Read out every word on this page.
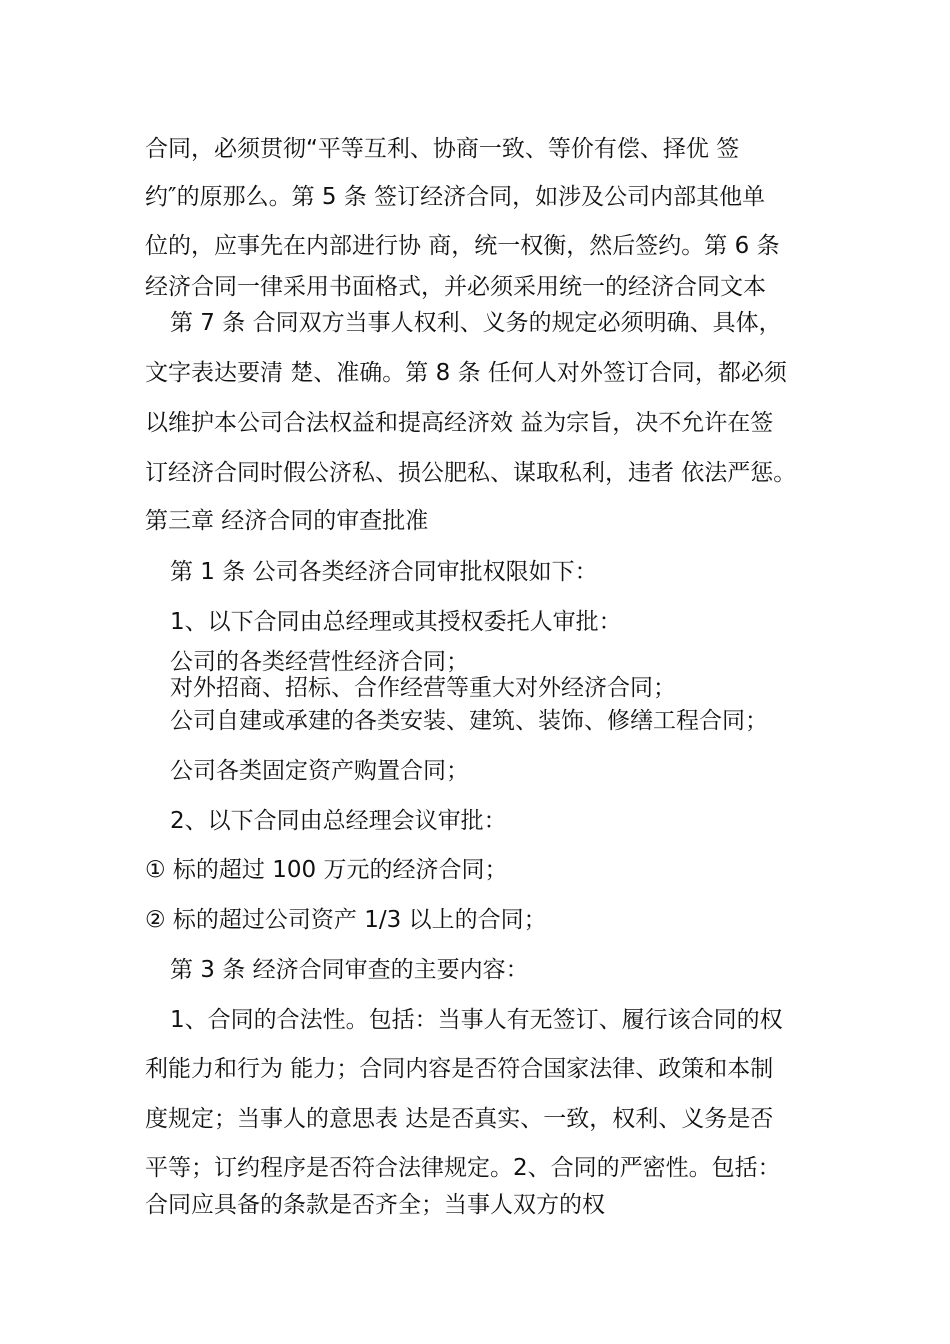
合同，必须贯彻“平等互利、协商一致、等价有偿、择优 签
约″的原那么。第 5 条 签订经济合同，如涉及公司内部其他单
位的，应事先在内部进行协 商，统一权衡，然后签约。第 6 条
经济合同一律采用书面格式，并必须采用统一的经济合同文本
第 7 条 合同双方当事人权利、义务的规定必须明确、具体，
文字表达要清 楚、准确。第 8 条 任何人对外签订合同，都必须
以维护本公司合法权益和提高经济效 益为宗旨，决不允许在签
订经济合同时假公济私、损公肥私、谋取私利，违者 依法严惩。
第三章 经济合同的审查批准
第 1 条 公司各类经济合同审批权限如下：
1、以下合同由总经理或其授权委托人审批：
公司的各类经营性经济合同；
对外招商、招标、合作经营等重大对外经济合同；
公司自建或承建的各类安装、建筑、装饰、修缮工程合同；
公司各类固定资产购置合同；
2、以下合同由总经理会议审批：
① 标的超过 100 万元的经济合同；
② 标的超过公司资产 1/3 以上的合同；
第 3 条 经济合同审查的主要内容：
1、合同的合法性。包括：当事人有无签订、履行该合同的权
利能力和行为 能力；合同内容是否符合国家法律、政策和本制
度规定；当事人的意思表 达是否真实、一致，权利、义务是否
平等；订约程序是否符合法律规定。2、合同的严密性。包括：
合同应具备的条款是否齐全；当事人双方的权
